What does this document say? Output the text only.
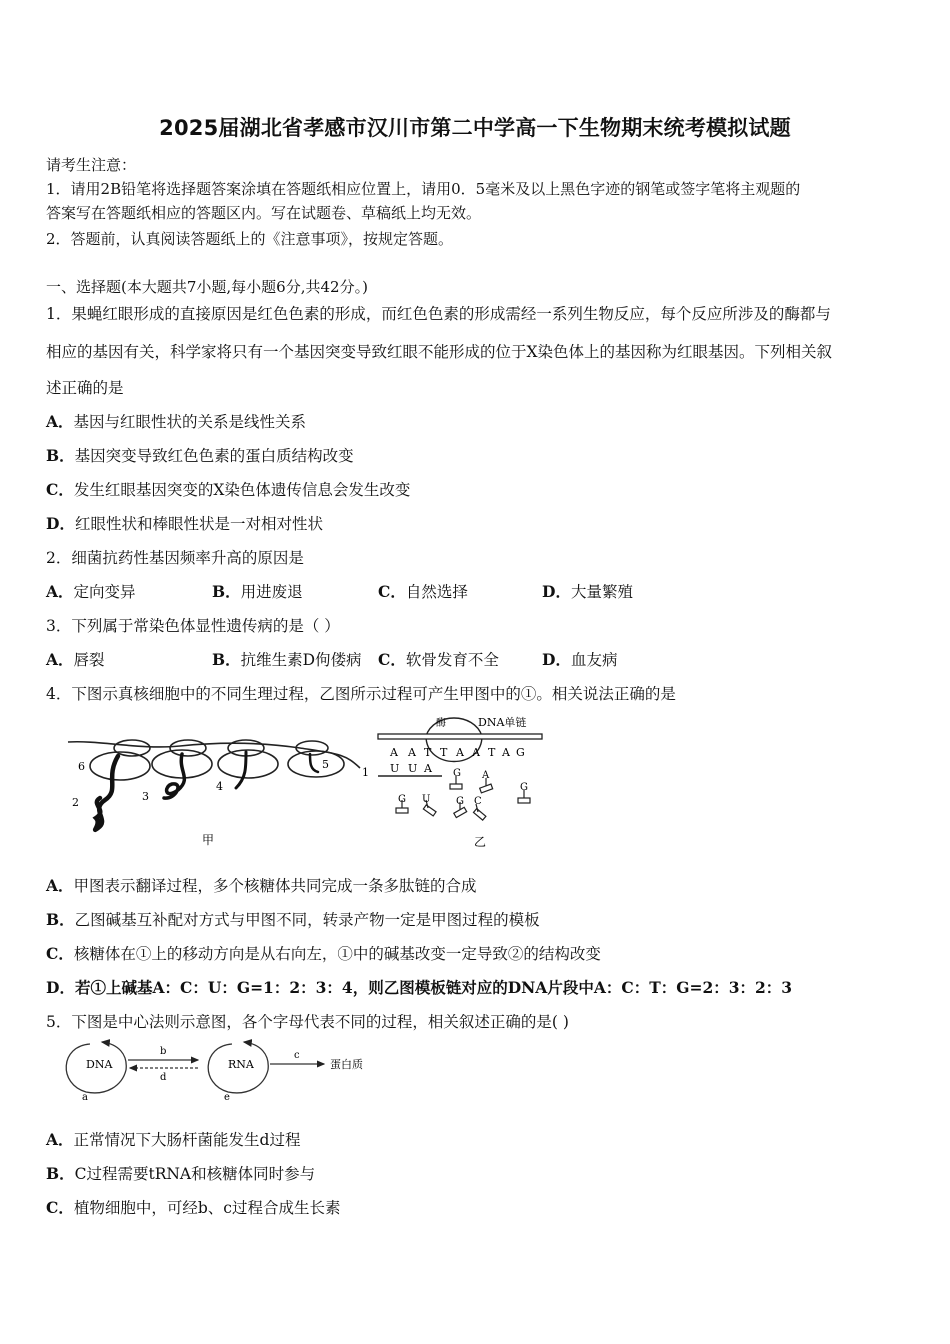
2025届湖北省孝感市汉川市第二中学高一下生物期末统考模拟试题
请考生注意：
1．请用2B铅笔将选择题答案涂填在答题纸相应位置上，请用0．5毫米及以上黑色字迹的钢笔或签字笔将主观题的
答案写在答题纸相应的答题区内。写在试题卷、草稿纸上均无效。
2．答题前，认真阅读答题纸上的《注意事项》，按规定答题。
一、选择题(本大题共7小题,每小题6分,共42分。)
1．果蝇红眼形成的直接原因是红色色素的形成，而红色色素的形成需经一系列生物反应，每个反应所涉及的酶都与
相应的基因有关，科学家将只有一个基因突变导致红眼不能形成的位于X染色体上的基因称为红眼基因。下列相关叙
述正确的是
A．基因与红眼性状的关系是线性关系
B．基因突变导致红色色素的蛋白质结构改变
C．发生红眼基因突变的X染色体遗传信息会发生改变
D．红眼性状和棒眼性状是一对相对性状
2．细菌抗药性基因频率升高的原因是
A．定向变异	B．用进废退	C．自然选择	D．大量繁殖
3．下列属于常染色体显性遗传病的是（ ）
A．唇裂	B．抗维生素D佝偻病 C．软骨发育不全	D．血友病
4．下图示真核细胞中的不同生理过程，乙图所示过程可产生甲图中的①。相关说法正确的是
6
2	3
4
5
1
甲
酶	DNA单链
A A T T A A T A G
U U A G A
G
G U	G C
乙
A．甲图表示翻译过程，多个核糖体共同完成一条多肽链的合成
B．乙图碱基互补配对方式与甲图不同，转录产物一定是甲图过程的模板
C．核糖体在①上的移动方向是从右向左，①中的碱基改变一定导致②的结构改变
D．若①上碱基A：C：U：G=1：2：3：4，则乙图模板链对应的DNA片段中A：C：T：G=2：3：2：3
5．下图是中心法则示意图，各个字母代表不同的过程，相关叙述正确的是( )
DNA
a
b
d
RNA
e
c
蛋白质
A．正常情况下大肠杆菌能发生d过程
B．C过程需要tRNA和核糖体同时参与
C．植物细胞中，可经b、c过程合成生长素
